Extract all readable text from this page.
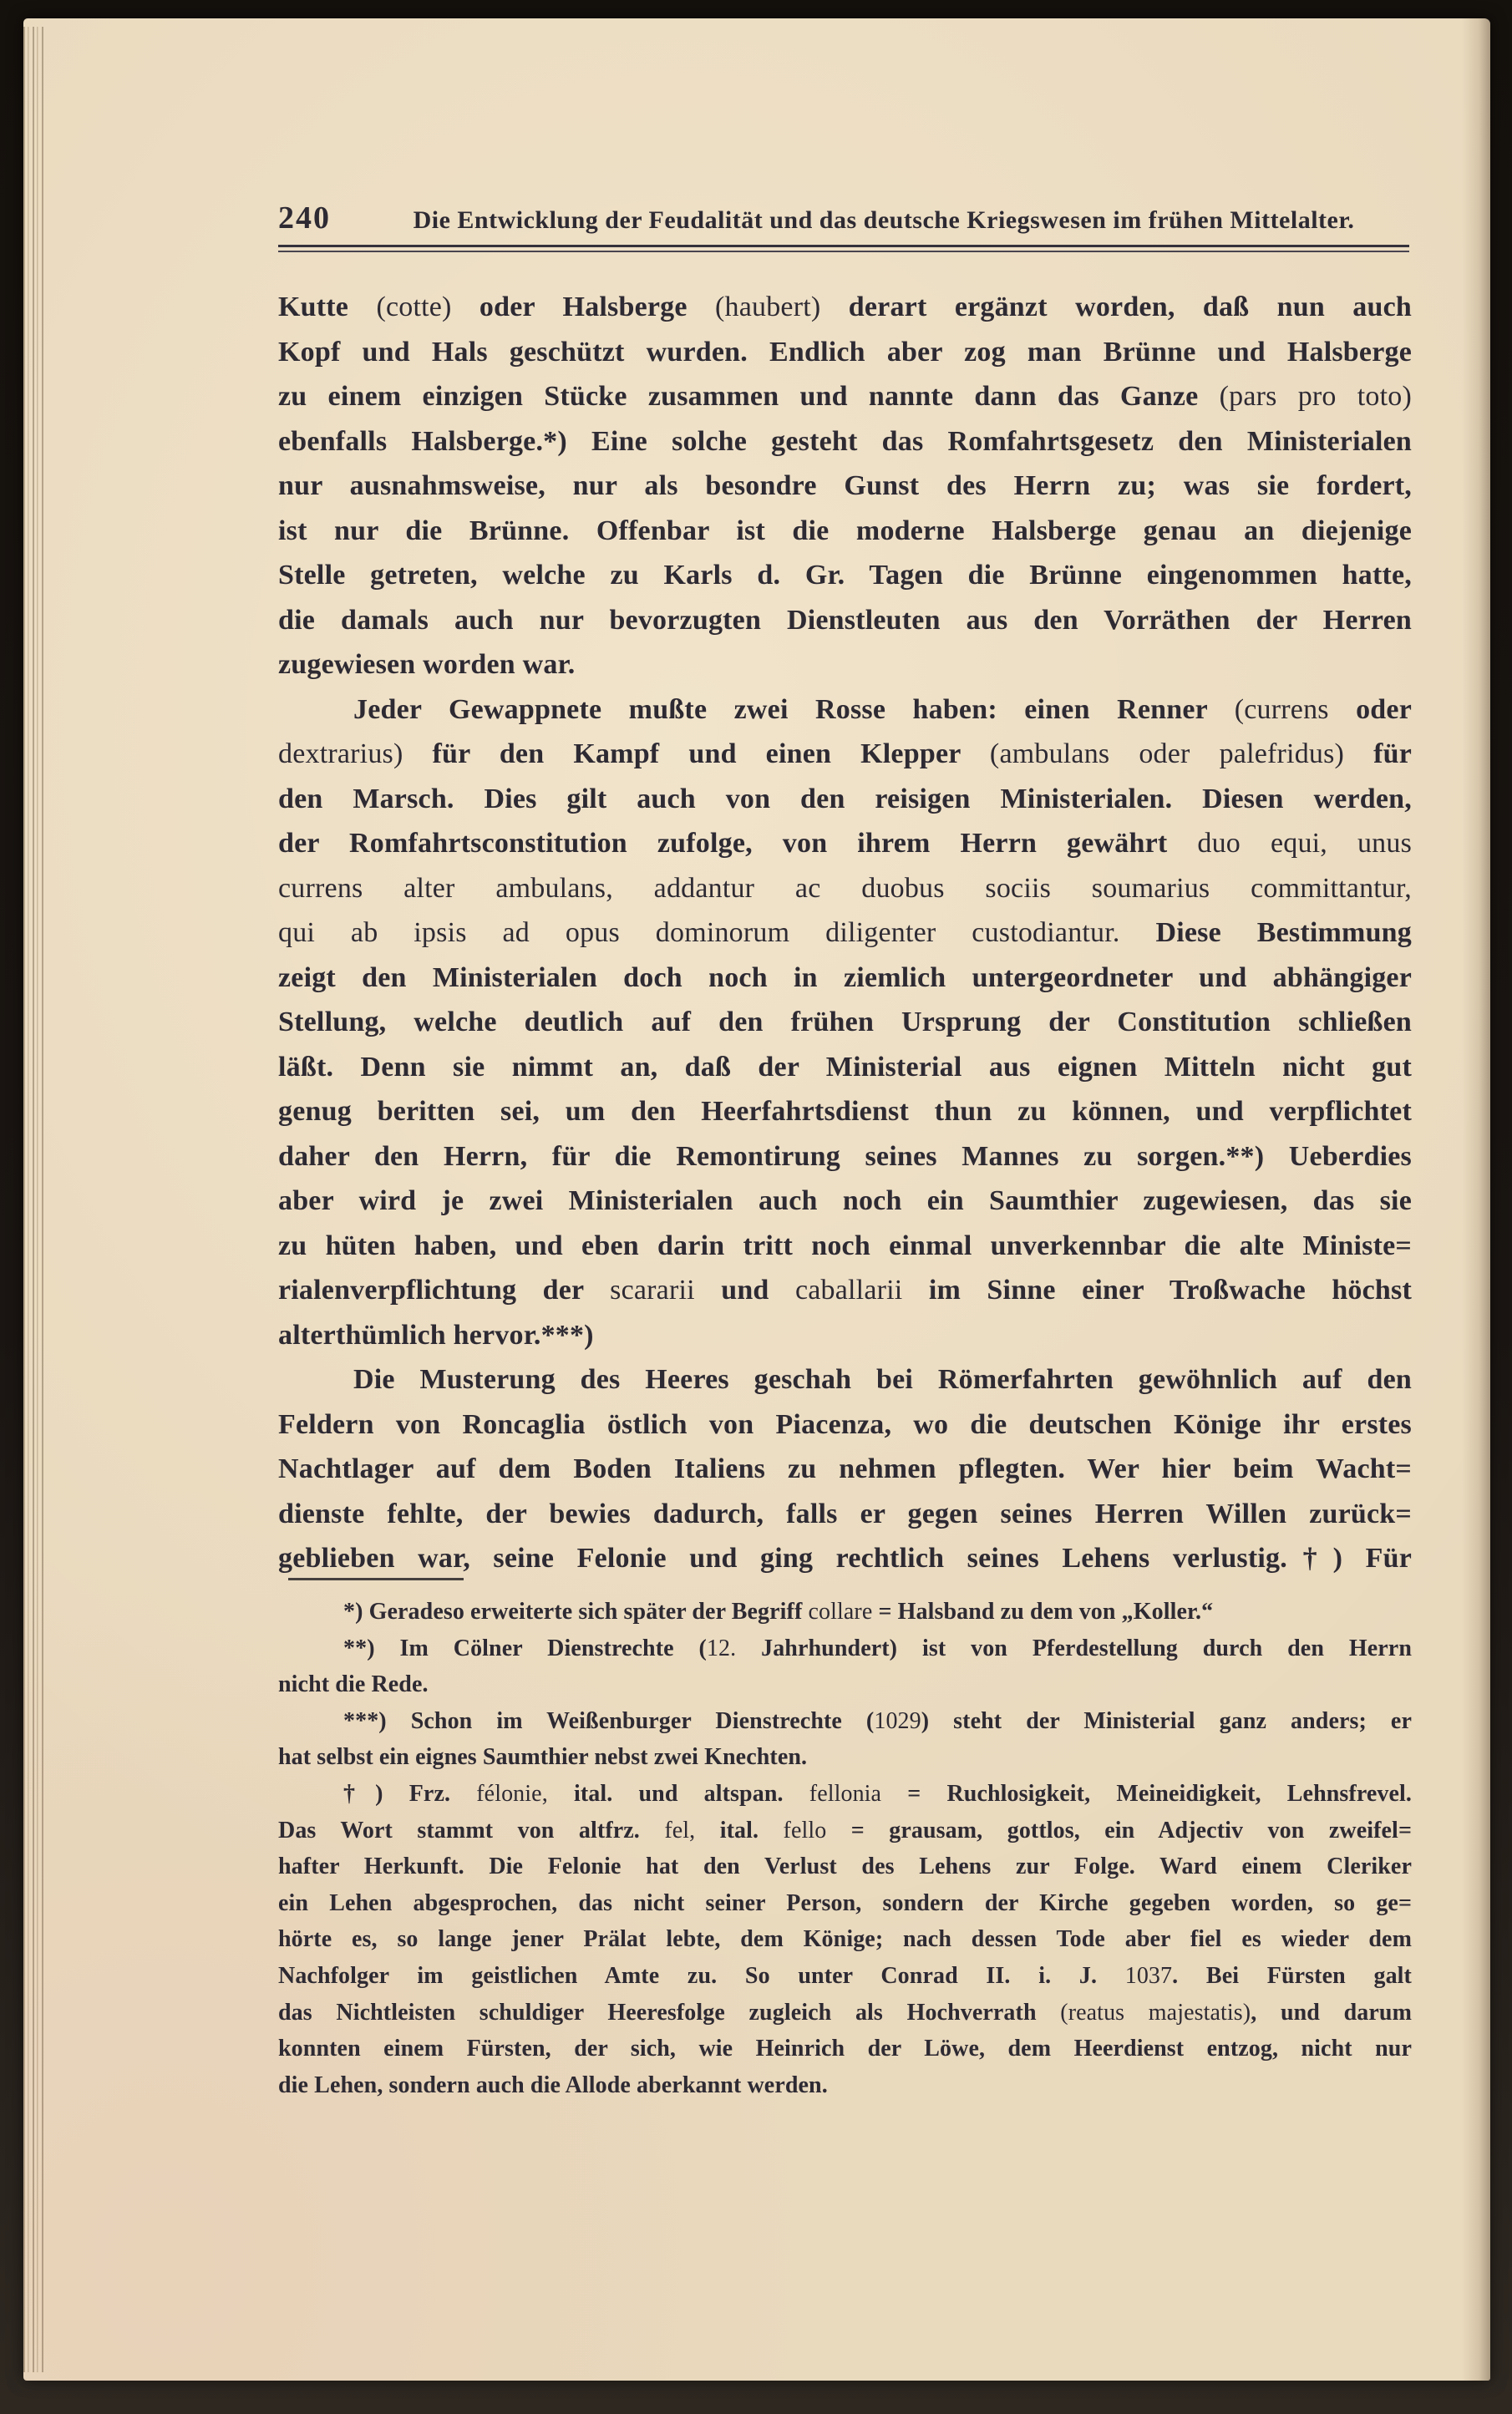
240	Die Entwicklung der Feudalität und das deutsche Kriegswesen im frühen Mittelalter.
Kutte (cotte) oder Halsberge (haubert) derart ergänzt worden, daß nun auch
Kopf und Hals geschützt wurden. Endlich aber zog man Brünne und Halsberge
zu einem einzigen Stücke zusammen und nannte dann das Ganze (pars pro toto)
ebenfalls Halsberge.*) Eine solche gesteht das Romfahrtsgesetz den Ministerialen
nur ausnahmsweise, nur als besondre Gunst des Herrn zu; was sie fordert,
ist nur die Brünne. Offenbar ist die moderne Halsberge genau an diejenige
Stelle getreten, welche zu Karls d. Gr. Tagen die Brünne eingenommen hatte,
die damals auch nur bevorzugten Dienstleuten aus den Vorräthen der Herren
zugewiesen worden war.
Jeder Gewappnete mußte zwei Rosse haben: einen Renner (currens oder
dextrarius) für den Kampf und einen Klepper (ambulans oder palefridus) für
den Marsch. Dies gilt auch von den reisigen Ministerialen. Diesen werden,
der Romfahrtsconstitution zufolge, von ihrem Herrn gewährt duo equi, unus
currens alter ambulans, addantur ac duobus sociis soumarius committantur,
qui ab ipsis ad opus dominorum diligenter custodiantur. Diese Bestimmung
zeigt den Ministerialen doch noch in ziemlich untergeordneter und abhängiger
Stellung, welche deutlich auf den frühen Ursprung der Constitution schließen
läßt. Denn sie nimmt an, daß der Ministerial aus eignen Mitteln nicht gut
genug beritten sei, um den Heerfahrtsdienst thun zu können, und verpflichtet
daher den Herrn, für die Remontirung seines Mannes zu sorgen.**) Ueberdies
aber wird je zwei Ministerialen auch noch ein Saumthier zugewiesen, das sie
zu hüten haben, und eben darin tritt noch einmal unverkennbar die alte Ministe=
rialenverpflichtung der scararii und caballarii im Sinne einer Troßwache höchst
alterthümlich hervor.***)
Die Musterung des Heeres geschah bei Römerfahrten gewöhnlich auf den
Feldern von Roncaglia östlich von Piacenza, wo die deutschen Könige ihr erstes
Nachtlager auf dem Boden Italiens zu nehmen pflegten. Wer hier beim Wacht=
dienste fehlte, der bewies dadurch, falls er gegen seines Herren Willen zurück=
geblieben war, seine Felonie und ging rechtlich seines Lehens verlustig.†) Für
*) Geradeso erweiterte sich später der Begriff collare = Halsband zu dem von „Koller.“
**) Im Cölner Dienstrechte (12. Jahrhundert) ist von Pferdestellung durch den Herrn
nicht die Rede.
***) Schon im Weißenburger Dienstrechte (1029) steht der Ministerial ganz anders; er
hat selbst ein eignes Saumthier nebst zwei Knechten.
†) Frz. félonie, ital. und altspan. fellonia = Ruchlosigkeit, Meineidigkeit, Lehnsfrevel.
Das Wort stammt von altfrz. fel, ital. fello = grausam, gottlos, ein Adjectiv von zweifel=
hafter Herkunft. Die Felonie hat den Verlust des Lehens zur Folge. Ward einem Cleriker
ein Lehen abgesprochen, das nicht seiner Person, sondern der Kirche gegeben worden, so ge=
hörte es, so lange jener Prälat lebte, dem Könige; nach dessen Tode aber fiel es wieder dem
Nachfolger im geistlichen Amte zu. So unter Conrad II. i. J. 1037. Bei Fürsten galt
das Nichtleisten schuldiger Heeresfolge zugleich als Hochverrath (reatus majestatis), und darum
konnten einem Fürsten, der sich, wie Heinrich der Löwe, dem Heerdienst entzog, nicht nur
die Lehen, sondern auch die Allode aberkannt werden.
